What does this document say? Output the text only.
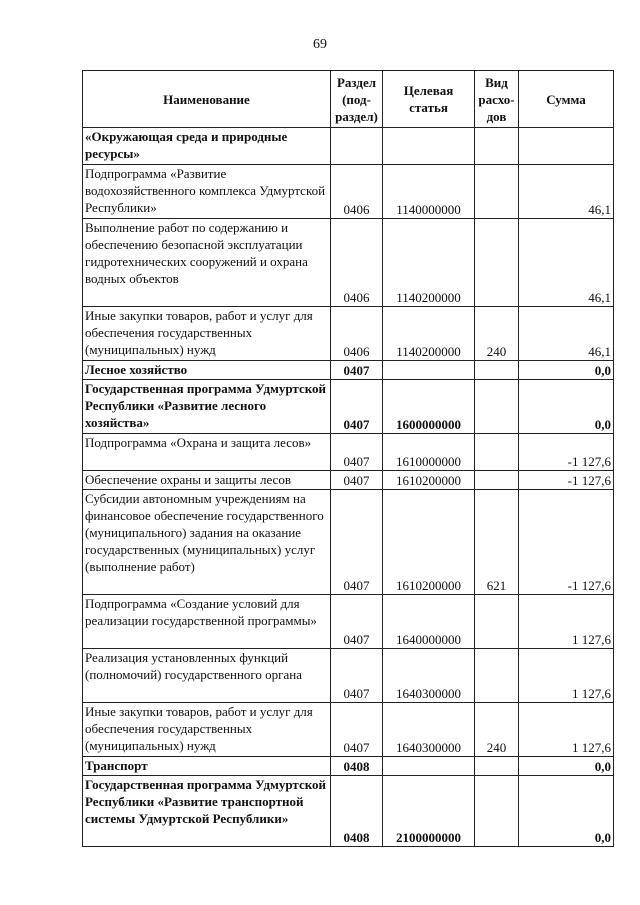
69
Наименование	Раздел (под-раздел)	Целевая статья	Вид расхо-дов	Сумма
«Окружающая среда и природные ресурсы»				
Подпрограмма «Развитие водохозяйственного комплекса Удмуртской Республики»	0406	1140000000		46,1
Выполнение работ по содержанию и обеспечению безопасной эксплуатации гидротехнических сооружений и охрана водных объектов	0406	1140200000		46,1
Иные закупки товаров, работ и услуг для обеспечения государственных (муниципальных) нужд	0406	1140200000	240	46,1
Лесное хозяйство	0407			0,0
Государственная программа Удмуртской Республики «Развитие лесного хозяйства»	0407	1600000000		0,0
Подпрограмма «Охрана и защита лесов»	0407	1610000000		-1 127,6
Обеспечение охраны и защиты лесов	0407	1610200000		-1 127,6
Субсидии автономным учреждениям на финансовое обеспечение государственного (муниципального) задания на оказание государственных (муниципальных) услуг (выполнение работ)	0407	1610200000	621	-1 127,6
Подпрограмма «Создание условий для реализации государственной программы»	0407	1640000000		1 127,6
Реализация установленных функций (полномочий) государственного органа	0407	1640300000		1 127,6
Иные закупки товаров, работ и услуг для обеспечения государственных (муниципальных) нужд	0407	1640300000	240	1 127,6
Транспорт	0408			0,0
Государственная программа Удмуртской Республики «Развитие транспортной системы Удмуртской Республики»	0408	2100000000		0,0
